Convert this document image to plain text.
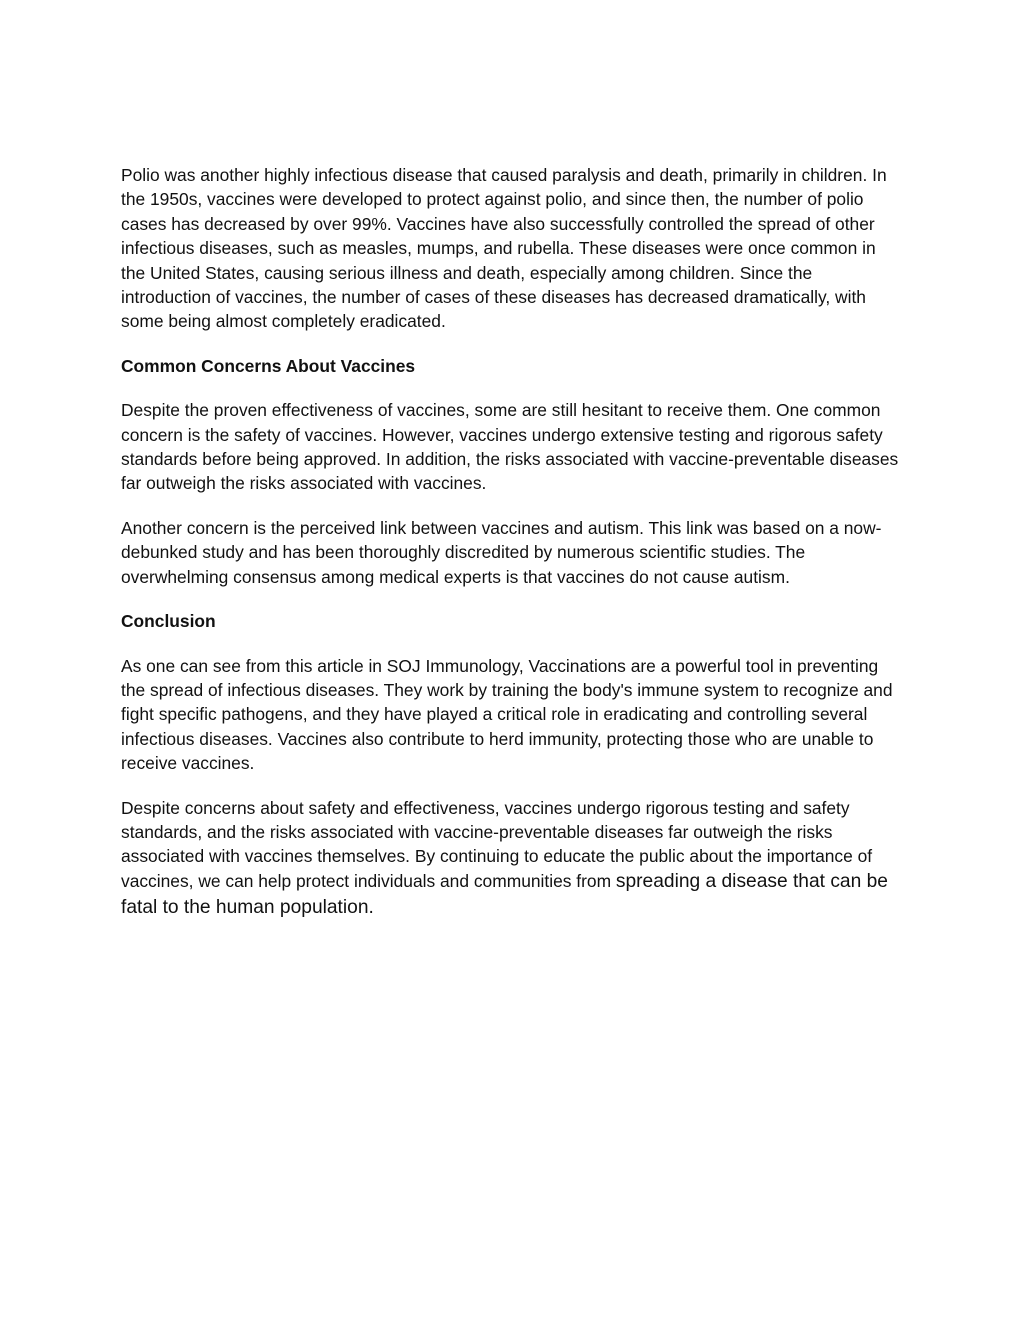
Polio was another highly infectious disease that caused paralysis and death, primarily in children. In the 1950s, vaccines were developed to protect against polio, and since then, the number of polio cases has decreased by over 99%. Vaccines have also successfully controlled the spread of other infectious diseases, such as measles, mumps, and rubella. These diseases were once common in the United States, causing serious illness and death, especially among children. Since the introduction of vaccines, the number of cases of these diseases has decreased dramatically, with some being almost completely eradicated.

Common Concerns About Vaccines

Despite the proven effectiveness of vaccines, some are still hesitant to receive them. One common concern is the safety of vaccines. However, vaccines undergo extensive testing and rigorous safety standards before being approved. In addition, the risks associated with vaccine-preventable diseases far outweigh the risks associated with vaccines.

Another concern is the perceived link between vaccines and autism. This link was based on a now-debunked study and has been thoroughly discredited by numerous scientific studies. The overwhelming consensus among medical experts is that vaccines do not cause autism.

Conclusion

As one can see from this article in SOJ Immunology, Vaccinations are a powerful tool in preventing the spread of infectious diseases. They work by training the body's immune system to recognize and fight specific pathogens, and they have played a critical role in eradicating and controlling several infectious diseases. Vaccines also contribute to herd immunity, protecting those who are unable to receive vaccines.

Despite concerns about safety and effectiveness, vaccines undergo rigorous testing and safety standards, and the risks associated with vaccine-preventable diseases far outweigh the risks associated with vaccines themselves. By continuing to educate the public about the importance of vaccines, we can help protect individuals and communities from spreading a disease that can be fatal to the human population.
